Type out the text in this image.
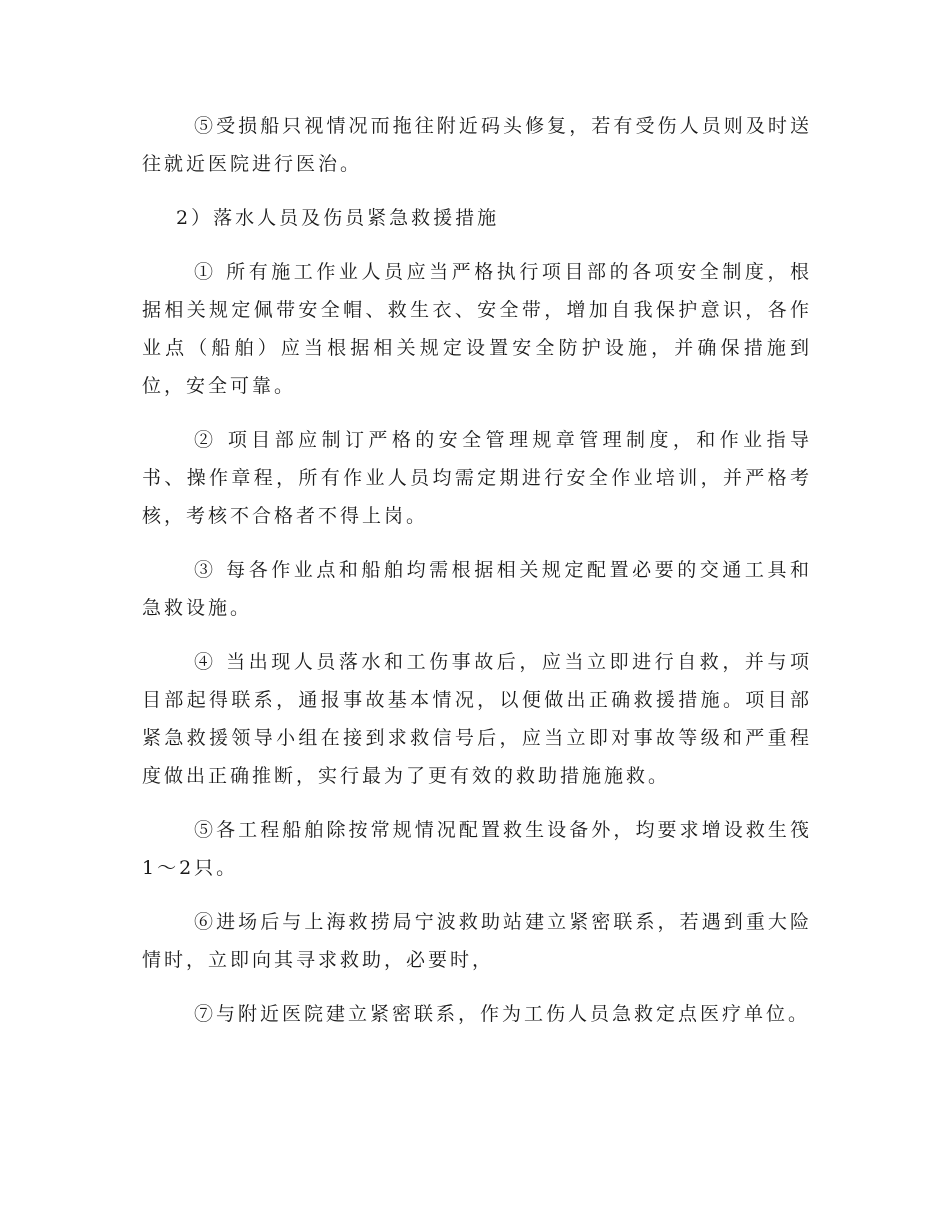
⑤受损船只视情况而拖往附近码头修复，若有受伤人员则及时送往就近医院进行医治。

2）落水人员及伤员紧急救援措施

① 所有施工作业人员应当严格执行项目部的各项安全制度，根据相关规定佩带安全帽、救生衣、安全带，增加自我保护意识，各作业点（船舶）应当根据相关规定设置安全防护设施，并确保措施到位，安全可靠。

② 项目部应制订严格的安全管理规章管理制度，和作业指导书、操作章程，所有作业人员均需定期进行安全作业培训，并严格考核，考核不合格者不得上岗。

③ 每各作业点和船舶均需根据相关规定配置必要的交通工具和急救设施。

④ 当出现人员落水和工伤事故后，应当立即进行自救，并与项目部起得联系，通报事故基本情况，以便做出正确救援措施。项目部紧急救援领导小组在接到求救信号后，应当立即对事故等级和严重程度做出正确推断，实行最为了更有效的救助措施施救。

⑤各工程船舶除按常规情况配置救生设备外，均要求增设救生筏1～2只。

⑥进场后与上海救捞局宁波救助站建立紧密联系，若遇到重大险情时，立即向其寻求救助，必要时，

⑦与附近医院建立紧密联系，作为工伤人员急救定点医疗单位。
